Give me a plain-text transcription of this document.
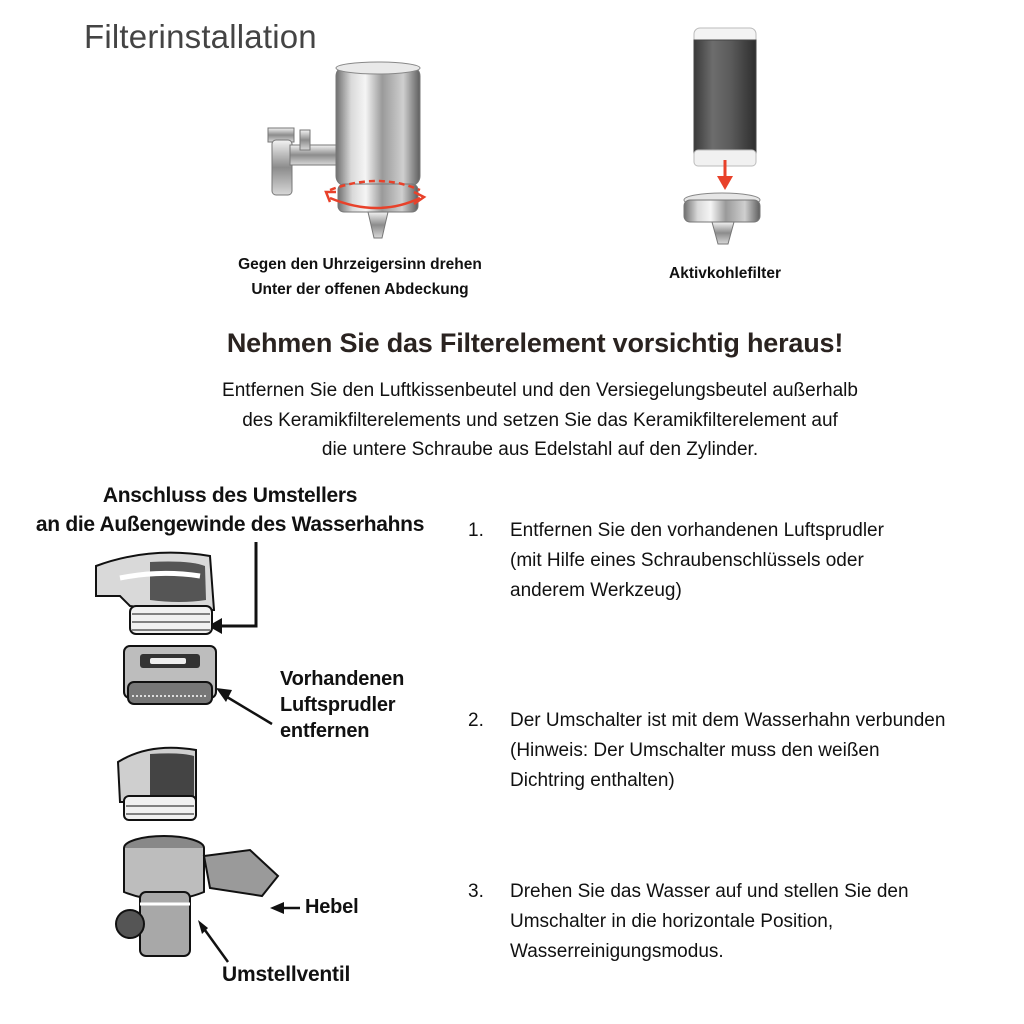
Filterinstallation
Gegen den Uhrzeigersinn drehen
Unter der offenen Abdeckung
Aktivkohlefilter
Nehmen Sie das Filterelement vorsichtig heraus!
Entfernen Sie den Luftkissenbeutel und den Versiegelungsbeutel außerhalb
des Keramikfilterelements und setzen Sie das Keramikfilterelement auf
die untere Schraube aus Edelstahl auf den Zylinder.
Anschluss des Umstellers
an die Außengewinde des Wasserhahns
Vorhandenen
Luftsprudler
entfernen
Hebel
Umstellventil
1.	Entfernen Sie den vorhandenen Luftsprudler
(mit Hilfe eines Schraubenschlüssels oder
anderem Werkzeug)
2.	Der Umschalter ist mit dem Wasserhahn verbunden
(Hinweis: Der Umschalter muss den weißen
Dichtring enthalten)
3.	Drehen Sie das Wasser auf und stellen Sie den
Umschalter in die horizontale Position,
Wasserreinigungsmodus.
